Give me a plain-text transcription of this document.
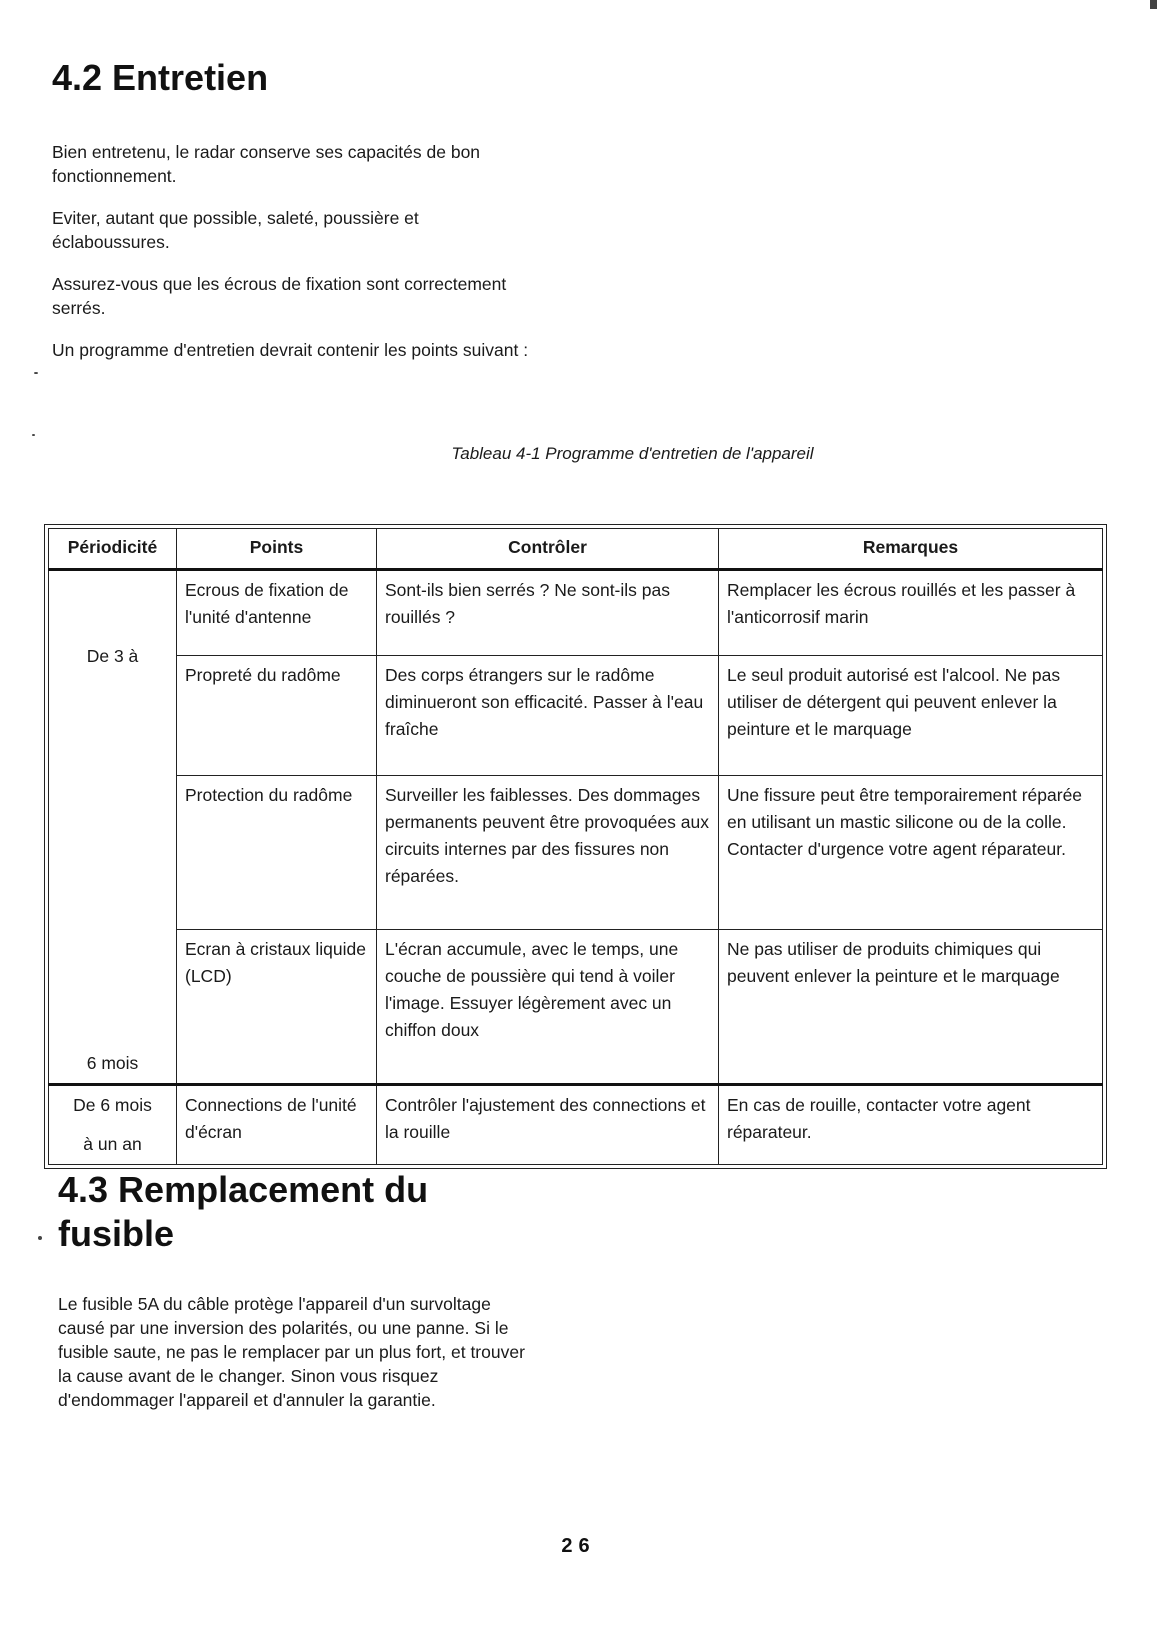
4.2 Entretien

Bien entretenu, le radar conserve ses capacités de bon fonctionnement.

Eviter, autant que possible, saleté, poussière et éclaboussures.

Assurez-vous que les écrous de fixation sont correctement serrés.

Un programme d'entretien devrait contenir les points suivant :

Tableau 4-1 Programme d'entretien de l'appareil
Périodicité	Points	Contrôler	Remarques

De 3 à
6 mois	Ecrous de fixation de l'unité d'antenne	Sont-ils bien serrés ? Ne sont-ils pas rouillés ?	Remplacer les écrous rouillés et les passer à l'anticorrosif marin
	Propreté du radôme	Des corps étrangers sur le radôme diminueront son efficacité. Passer à l'eau fraîche	Le seul produit autorisé est l'alcool. Ne pas utiliser de détergent qui peuvent enlever la peinture et le marquage
	Protection du radôme	Surveiller les faiblesses. Des dommages permanents peuvent être provoquées aux circuits internes par des fissures non réparées.	Une fissure peut être temporairement réparée en utilisant un mastic silicone ou de la colle. Contacter d'urgence votre agent réparateur.
	Ecran à cristaux liquide (LCD)	L'écran accumule, avec le temps, une couche de poussière qui tend à voiler l'image. Essuyer légèrement avec un chiffon doux	Ne pas utiliser de produits chimiques qui peuvent enlever la peinture et le marquage

De 6 mois
à un an	Connections de l'unité d'écran	Contrôler l'ajustement des connections et la rouille	En cas de rouille, contacter votre agent réparateur.
4.3 Remplacement du
fusible

Le fusible 5A du câble protège l'appareil d'un survoltage causé par une inversion des polarités, ou une panne. Si le fusible saute, ne pas le remplacer par un plus fort, et trouver la cause avant de le changer. Sinon vous risquez d'endommager l'appareil et d'annuler la garantie.

26
